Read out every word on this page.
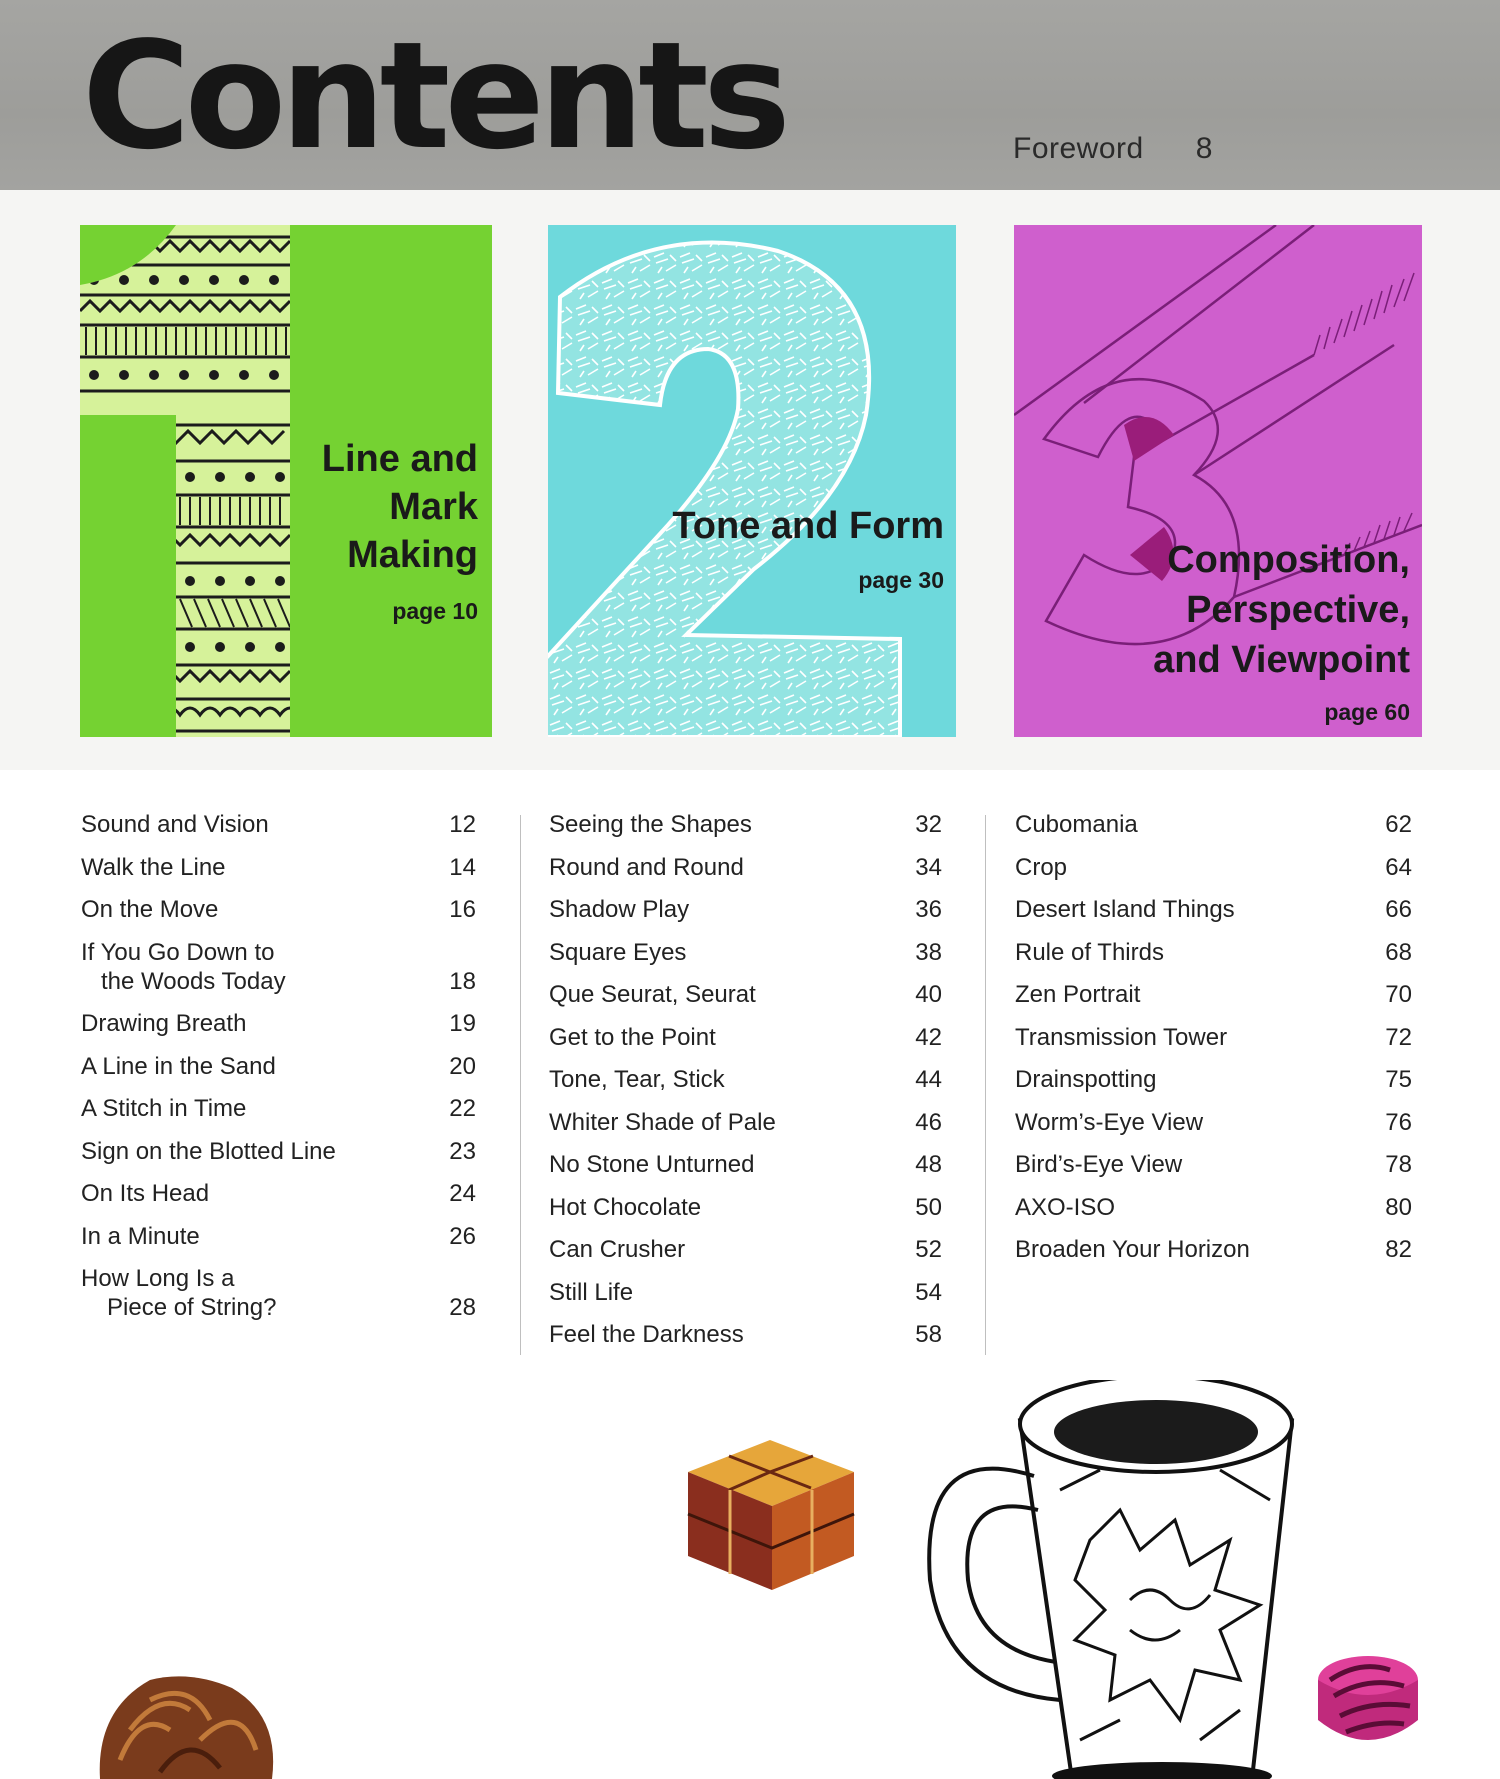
Contents	Foreword 8
Line and
Mark
Making
page 10
Tone and Form
page 30	Composition,
Perspective,
and Viewpoint
page 60
Sound and Vision	12
Walk the Line	14
On the Move	16
If You Go Down to
the Woods Today	18
Drawing Breath	19
A Line in the Sand	20
A Stitch in Time	22
Sign on the Blotted Line	23
On Its Head	24
In a Minute	26
How Long Is a
Piece of String?	28
Seeing the Shapes	32
Round and Round	34
Shadow Play	36
Square Eyes	38
Que Seurat, Seurat	40
Get to the Point	42
Tone, Tear, Stick	44
Whiter Shade of Pale	46
No Stone Unturned	48
Hot Chocolate	50
Can Crusher	52
Still Life	54
Feel the Darkness	58
Cubomania	62
Crop	64
Desert Island Things	66
Rule of Thirds	68
Zen Portrait	70
Transmission Tower	72
Drainspotting	75
Worm’s-Eye View	76
Bird’s-Eye View	78
AXO-ISO	80
Broaden Your Horizon	82
